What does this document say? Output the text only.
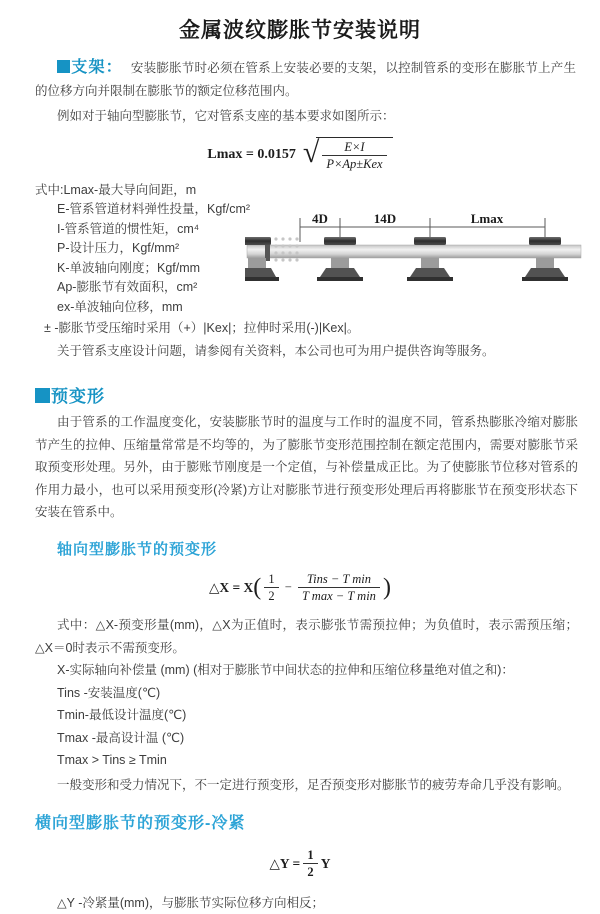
金属波纹膨胀节安装说明

支架： 安装膨胀节时必须在管系上安装必要的支架，以控制管系的变形在膨胀节上产生的位移方向并限制在膨胀节的额定位移范围内。

例如对于轴向型膨胀节，它对管系支座的基本要求如图所示：

Lmax = 0.0157 √ $\frac{E\times I}{\text{P×Ap±Kex}}$
式中:Lmax-最大导向间距，m
E-管系管道材料弹性投量，Kgf/cm²
I-管系管道的惯性矩，cm⁴
P-设计压力，Kgf/mm²
K-单波轴向刚度；Kgf/mm
Ap-膨胀节有效面积，cm²
ex-单波轴向位移，mm
4D	14D	Lmax

± -膨胀节受压缩时采用（+）|Kex|；拉伸时采用(-)|Kex|。

关于管系支座设计问题，请参阅有关资料，本公司也可为用户提供咨询等服务。

预变形

由于管系的工作温度变化，安装膨胀节时的温度与工作时的温度不同，管系热膨胀冷缩对膨胀节产生的拉伸、压缩量常常是不均等的，为了膨胀节变形范围控制在额定范围内，需要对膨胀节采取预变形处理。另外，由于膨账节刚度是一个定值，与补偿量成正比。为了使膨胀节位移对管系的作用力最小，也可以采用预变形(冷紧)方让对膨胀节进行预变形处理后再将膨胀节在预变形状态下安装在管系中。

轴向型膨胀节的预变形
△X = $X( \frac{1}{2} - \frac{\text{Tins − T min}}{\text{T max − T min}}$ )

式中：△X-预变形量(mm)，△X为正值时，表示膨张节需预拉伸；为负值时，表示需预压缩；△X＝0时表示不需预变形。

X-实际轴向补偿量 (mm) (相对于膨胀节中间状态的拉伸和压缩位移量绝对值之和)：
Tins -安装温度(℃)
Tmin-最低设计温度(℃)
Tmax -最高设计温 (℃)
Tmax > Tins ≥ Tmin

一般变形和受力情况下，不一定进行预变形，足否预变形对膨胀节的疲劳寿命几乎没有影响。

横向型膨胀节的预变形-冷紧
△Y = $\frac{1}{2}$ Y

△Y -冷紧量(mm)，与膨胀节实际位移方向相反；
